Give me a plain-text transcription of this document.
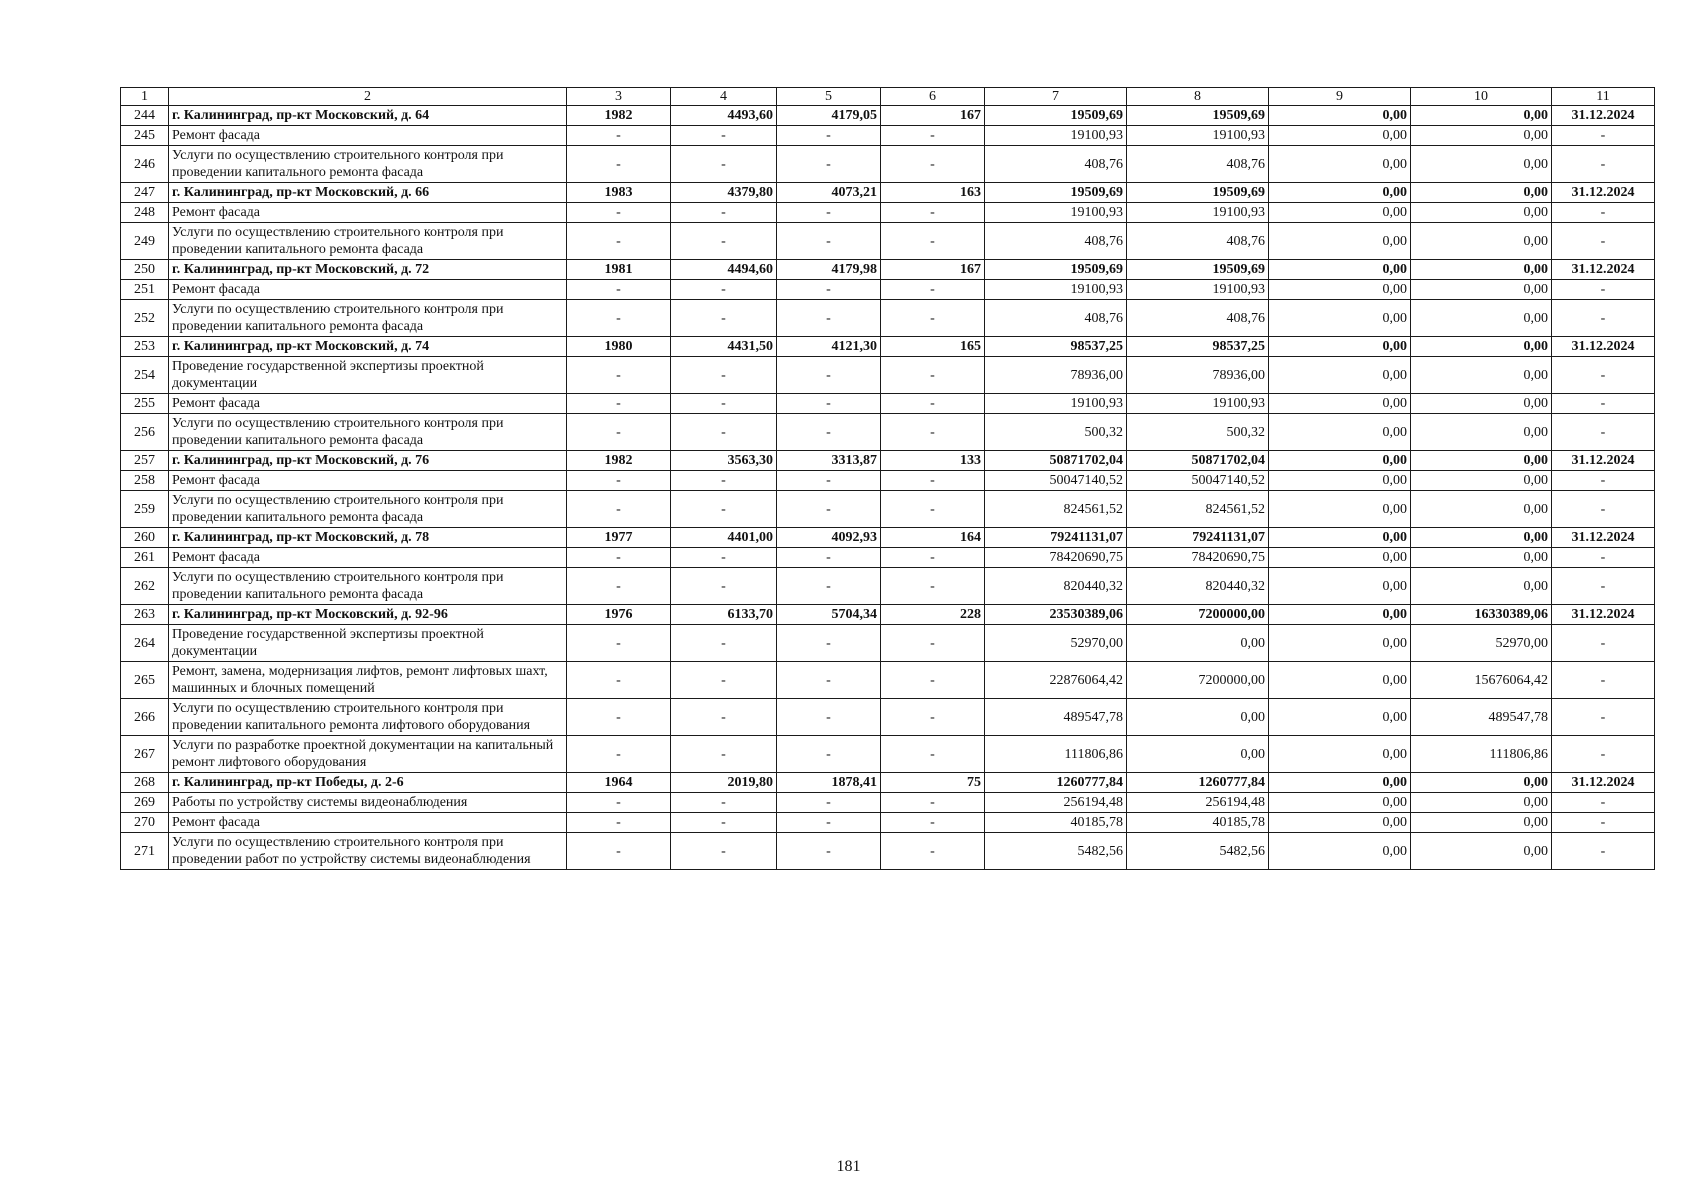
1	2	3	4	5	6	7	8	9	10	11
244	г. Калининград, пр-кт Московский, д. 64	1982	4493,60	4179,05	167	19509,69	19509,69	0,00	0,00	31.12.2024
245	Ремонт фасада	-	-	-	-	19100,93	19100,93	0,00	0,00	-
246	Услуги по осуществлению строительного контроля при проведении капитального ремонта фасада	-	-	-	-	408,76	408,76	0,00	0,00	-
247	г. Калининград, пр-кт Московский, д. 66	1983	4379,80	4073,21	163	19509,69	19509,69	0,00	0,00	31.12.2024
248	Ремонт фасада	-	-	-	-	19100,93	19100,93	0,00	0,00	-
249	Услуги по осуществлению строительного контроля при проведении капитального ремонта фасада	-	-	-	-	408,76	408,76	0,00	0,00	-
250	г. Калининград, пр-кт Московский, д. 72	1981	4494,60	4179,98	167	19509,69	19509,69	0,00	0,00	31.12.2024
251	Ремонт фасада	-	-	-	-	19100,93	19100,93	0,00	0,00	-
252	Услуги по осуществлению строительного контроля при проведении капитального ремонта фасада	-	-	-	-	408,76	408,76	0,00	0,00	-
253	г. Калининград, пр-кт Московский, д. 74	1980	4431,50	4121,30	165	98537,25	98537,25	0,00	0,00	31.12.2024
254	Проведение государственной экспертизы проектной документации	-	-	-	-	78936,00	78936,00	0,00	0,00	-
255	Ремонт фасада	-	-	-	-	19100,93	19100,93	0,00	0,00	-
256	Услуги по осуществлению строительного контроля при проведении капитального ремонта фасада	-	-	-	-	500,32	500,32	0,00	0,00	-
257	г. Калининград, пр-кт Московский, д. 76	1982	3563,30	3313,87	133	50871702,04	50871702,04	0,00	0,00	31.12.2024
258	Ремонт фасада	-	-	-	-	50047140,52	50047140,52	0,00	0,00	-
259	Услуги по осуществлению строительного контроля при проведении капитального ремонта фасада	-	-	-	-	824561,52	824561,52	0,00	0,00	-
260	г. Калининград, пр-кт Московский, д. 78	1977	4401,00	4092,93	164	79241131,07	79241131,07	0,00	0,00	31.12.2024
261	Ремонт фасада	-	-	-	-	78420690,75	78420690,75	0,00	0,00	-
262	Услуги по осуществлению строительного контроля при проведении капитального ремонта фасада	-	-	-	-	820440,32	820440,32	0,00	0,00	-
263	г. Калининград, пр-кт Московский, д. 92-96	1976	6133,70	5704,34	228	23530389,06	7200000,00	0,00	16330389,06	31.12.2024
264	Проведение государственной экспертизы проектной документации	-	-	-	-	52970,00	0,00	0,00	52970,00	-
265	Ремонт, замена, модернизация лифтов, ремонт лифтовых шахт, машинных и блочных помещений	-	-	-	-	22876064,42	7200000,00	0,00	15676064,42	-
266	Услуги по осуществлению строительного контроля при проведении капитального ремонта лифтового оборудования	-	-	-	-	489547,78	0,00	0,00	489547,78	-
267	Услуги по разработке проектной документации на капитальный ремонт лифтового оборудования	-	-	-	-	111806,86	0,00	0,00	111806,86	-
268	г. Калининград, пр-кт Победы, д. 2-6	1964	2019,80	1878,41	75	1260777,84	1260777,84	0,00	0,00	31.12.2024
269	Работы по устройству системы видеонаблюдения	-	-	-	-	256194,48	256194,48	0,00	0,00	-
270	Ремонт фасада	-	-	-	-	40185,78	40185,78	0,00	0,00	-
271	Услуги по осуществлению строительного контроля при проведении работ по устройству системы видеонаблюдения	-	-	-	-	5482,56	5482,56	0,00	0,00	-
181
